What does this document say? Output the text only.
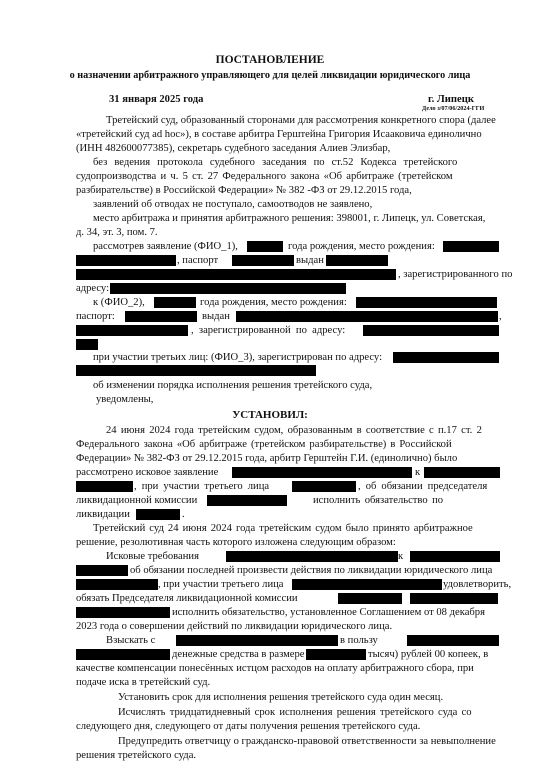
ПОСТАНОВЛЕНИЕ
о назначении арбитражного управляющего для целей ликвидации юридического лица
31 января 2025 года	г. Липецк
Дело з/07/06/2024-ГГИ
Третейский суд, образованный сторонами для рассмотрения конкретного спора (далее
«третейский суд ad hoc»), в составе арбитра Герштейна Григория Исааковича единолично
(ИНН 482600077385), секретарь судебного заседания Алиев Элизбар,
без ведения протокола судебного заседания по ст.52 Кодекса третейского
судопроизводства и ч. 5 ст. 27 Федерального закона «Об арбитраже (третейском
разбирательстве) в Российской Федерации» № 382 -ФЗ от 29.12.2015 года,
заявлений об отводах не поступало, самоотводов не заявлено,
место арбитража и принятия арбитражного решения: 398001, г. Липецк, ул. Советская,
д. 34, эт. 3, пом. 7.
рассмотрев заявление (ФИО_1),	года рождения, место рождения:
, паспорт	выдан
, зарегистрированного по
адресу:
к (ФИО_2),	года рождения, место рождения:
паспорт:	выдан	,
, зарегистрированной по адресу:
при участии третьих лиц: (ФИО_3), зарегистрирован по адресу:
об изменении порядка исполнения решения третейского суда,
уведомлены,
УСТАНОВИЛ:
24 июня 2024 года третейским судом, образованным в соответствие с п.17 ст. 2
Федерального закона «Об арбитраже (третейском разбирательстве) в Российской
Федерации» № 382-ФЗ от 29.12.2015 года, арбитр Герштейн Г.И. (единолично) было
рассмотрено исковое заявление	к
, при участии третьего лица	, об обязании председателя
ликвидационной комиссии	исполнить обязательство по
ликвидации	.
Третейский суд 24 июня 2024 года третейским судом было принято арбитражное
решение, резолютивная часть которого изложена следующим образом:
Исковые требования	к
об обязании последней произвести действия по ликвидации юридического лица
, при участии третьего лица	удовлетворить,
обязать Председателя ликвидационной комиссии
исполнить обязательство, установленное Соглашением от 08 декабря
2023 года о совершении действий по ликвидации юридического лица.
Взыскать с	в пользу
денежные средства в размере	тысяч) рублей 00 копеек, в
качестве компенсации понесённых истцом расходов на оплату арбитражного сбора, при
подаче иска в третейский суд.
Установить срок для исполнения решения третейского суда один месяц.
Исчислять тридцатидневный срок исполнения решения третейского суда со
следующего дня, следующего от даты получения решения третейского суда.
Предупредить ответчицу о гражданско-правовой ответственности за невыполнение
решения третейского суда.
